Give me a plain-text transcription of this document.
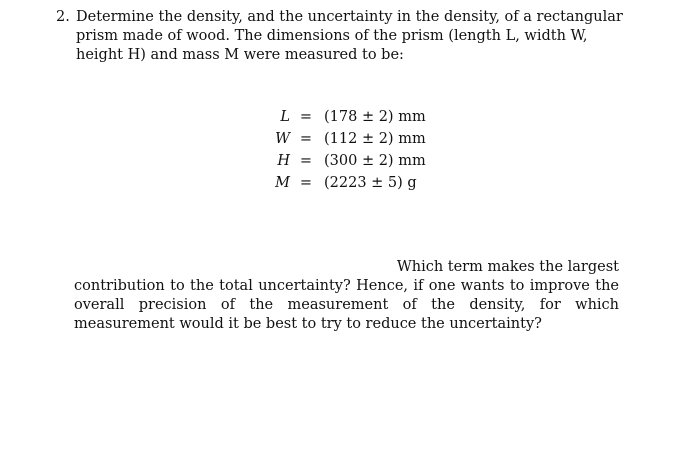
2. Determine the density, and the uncertainty in the density, of a rectangular prism made of wood. The dimensions of the prism (length L, width W, height H) and mass M were measured to be:
L	=	(178 ± 2) mm
W	=	(112 ± 2) mm
H	=	(300 ± 2) mm
M	=	(2223 ± 5) g
Which term makes the largest
contribution to the total uncertainty? Hence, if one wants to improve the overall precision of the measurement of the density, for which measurement would it be best to try to reduce the uncertainty?
